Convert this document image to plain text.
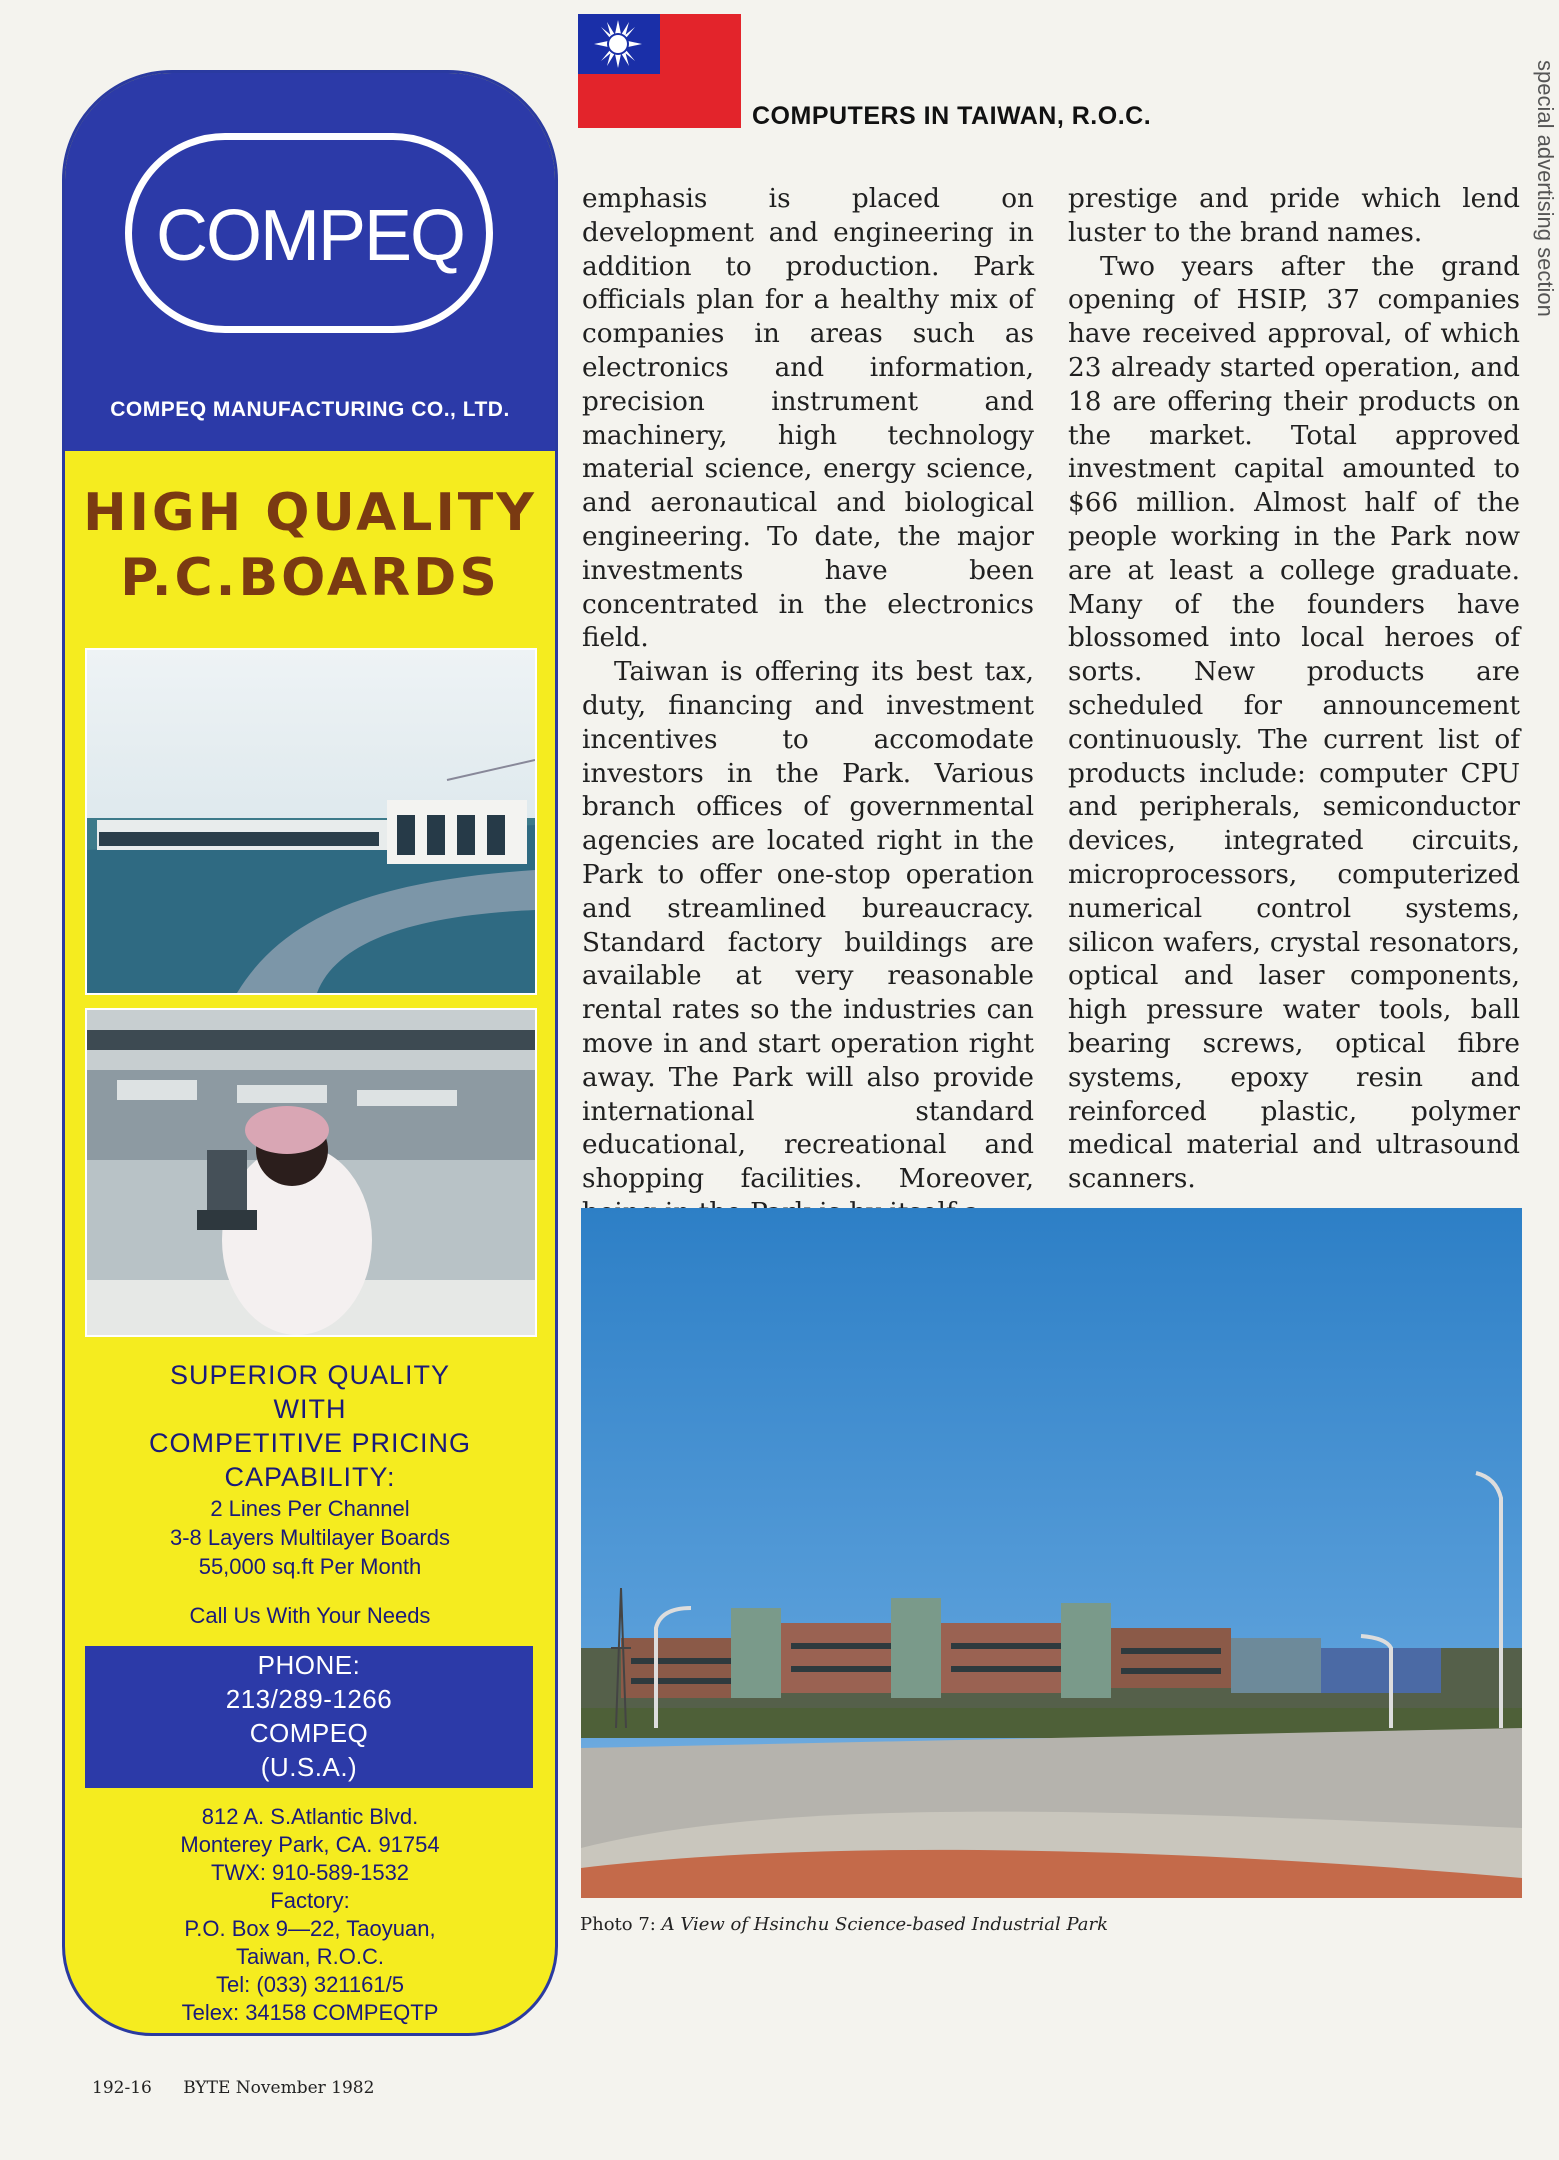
COMPUTERS IN TAIWAN, R.O.C.	special advertising section
COMPEQ
COMPEQ MANUFACTURING CO., LTD.
HIGH QUALITY
P.C.BOARDS
SUPERIOR QUALITY
WITH
COMPETITIVE PRICING
CAPABILITY:
2 Lines Per Channel
3-8 Layers Multilayer Boards
55,000 sq.ft Per Month
Call Us With Your Needs
PHONE:
213/289-1266
COMPEQ
(U.S.A.)
812 A. S.Atlantic Blvd.
Monterey Park, CA. 91754
TWX: 910-589-1532
Factory:
P.O. Box 9—22, Taoyuan,
Taiwan, R.O.C.
Tel: (033) 321161/5
Telex: 34158 COMPEQTP

emphasis is placed on development and engineering in addition to production. Park officials plan for a healthy mix of companies in areas such as electronics and information, precision instrument and machinery, high technology material science, energy science, and aeronautical and biological engineering. To date, the major investments have been concentrated in the electronics field.

Taiwan is offering its best tax, duty, financing and investment incentives to accomodate investors in the Park. Various branch offices of governmental agencies are located right in the Park to offer one-stop operation and streamlined bureaucracy. Standard factory buildings are available at very reasonable rental rates so the industries can move in and start operation right away. The Park will also provide international standard educational, recreational and shopping facilities. Moreover,

prestige and pride which lend luster to the brand names.

Two years after the grand opening of HSIP, 37 companies have received approval, of which 23 already started operation, and 18 are offering their products on the market. Total approved investment capital amounted to $66 million. Almost half of the people working in the Park now are at least a college graduate. Many of the founders have blossomed into local heroes of sorts. New products are scheduled for announcement continuously. The current list of products include: computer CPU and peripherals, semiconductor devices, integrated circuits, microprocessors, computerized numerical control systems, silicon wafers, crystal resonators, optical and laser components, high pressure water tools, ball bearing screws, optical fibre systems, epoxy resin and reinforced plastic, polymer medical material and ultrasound scanners.

Photo 7: A View of Hsinchu Science-based Industrial Park
192-16 BYTE November 1982
